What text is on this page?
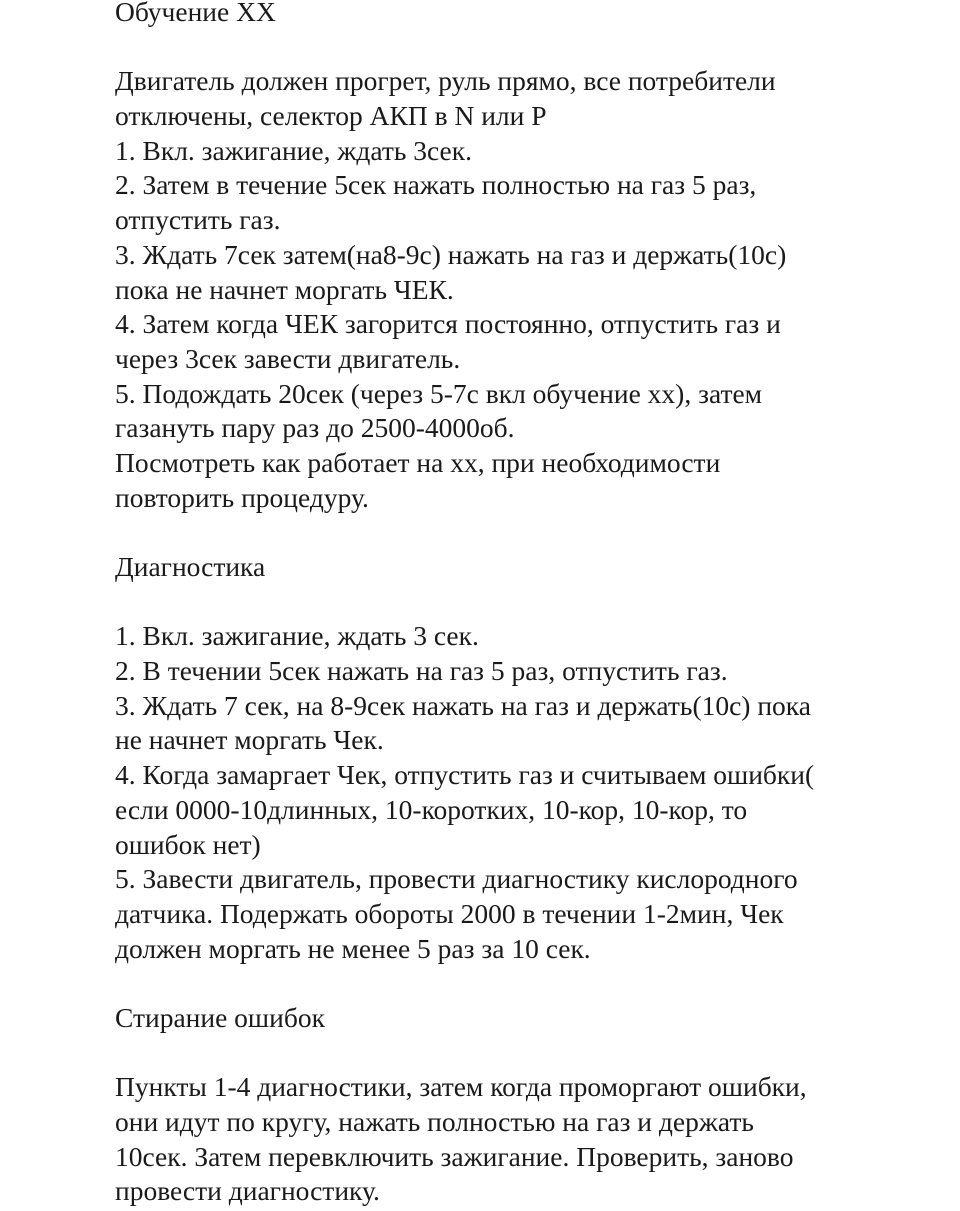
Обучение ХХ
Двигатель должен прогрет, руль прямо, все потребители
отключены, селектор АКП в N или P
1. Вкл. зажигание, ждать 3сек.
2. Затем в течение 5сек нажать полностью на газ 5 раз,
отпустить газ.
3. Ждать 7сек затем(на8-9с) нажать на газ и держать(10с)
пока не начнет моргать ЧЕК.
4. Затем когда ЧЕК загорится постоянно, отпустить газ и
через 3сек завести двигатель.
5. Подождать 20сек (через 5-7с вкл обучение хх), затем
газануть пару раз до 2500-4000об.
Посмотреть как работает на хх, при необходимости
повторить процедуру.
Диагностика
1. Вкл. зажигание, ждать 3 сек.
2. В течении 5сек нажать на газ 5 раз, отпустить газ.
3. Ждать 7 сек, на 8-9сек нажать на газ и держать(10с) пока
не начнет моргать Чек.
4. Когда замаргает Чек, отпустить газ и считываем ошибки(
если 0000-10длинных, 10-коротких, 10-кор, 10-кор, то
ошибок нет)
5. Завести двигатель, провести диагностику кислородного
датчика. Подержать обороты 2000 в течении 1-2мин, Чек
должен моргать не менее 5 раз за 10 сек.
Стирание ошибок
Пункты 1-4 диагностики, затем когда проморгают ошибки,
они идут по кругу, нажать полностью на газ и держать
10сек. Затем перевключить зажигание. Проверить, заново
провести диагностику.
